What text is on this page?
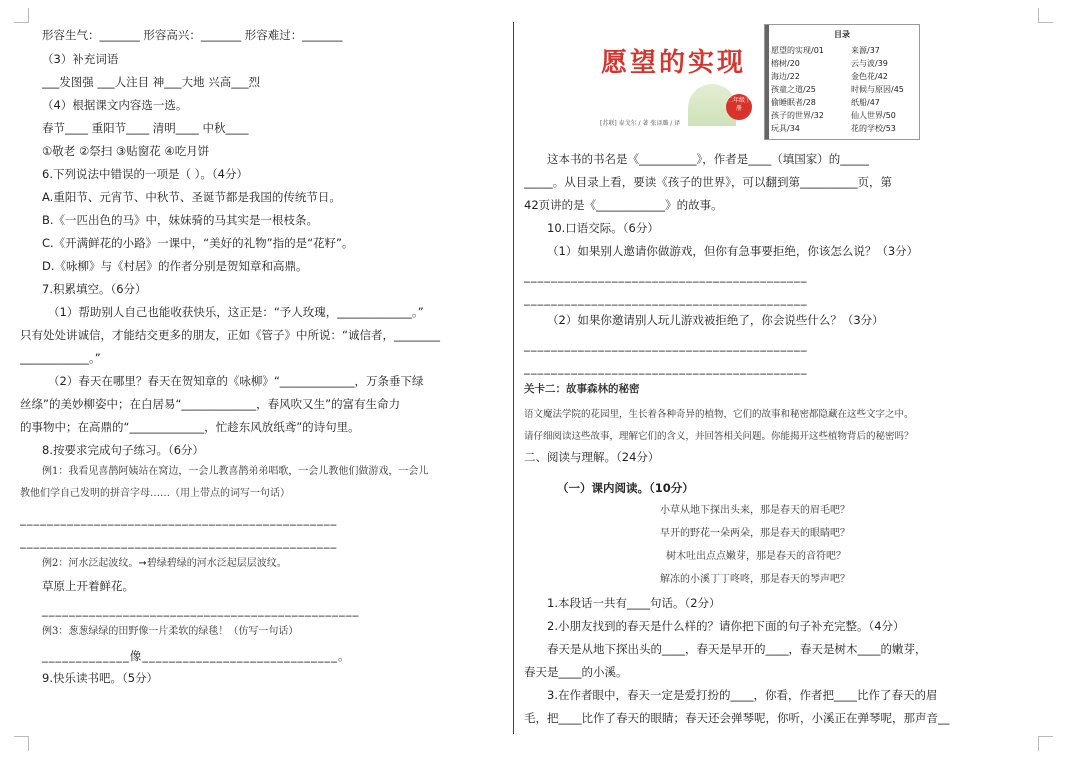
形容生气：_______ 形容高兴：_______ 形容难过：_______
（3）补充词语
___发图强 ___人注目 神___大地 兴高___烈
（4）根据课文内容选一选。
春节____ 重阳节____ 清明____ 中秋____
①敬老 ②祭扫 ③贴窗花 ④吃月饼
6.下列说法中错误的一项是（ ）。（4分）
A.重阳节、元宵节、中秋节、圣诞节都是我国的传统节日。
B.《一匹出色的马》中，妹妹骑的马其实是一根枝条。
C.《开满鲜花的小路》一课中，“美好的礼物”指的是“花籽”。
D.《咏柳》与《村居》的作者分别是贺知章和高鼎。
7.积累填空。（6分）
（1）帮助别人自己也能收获快乐，这正是：“予人玫瑰，_____________。”
只有处处讲诚信，才能结交更多的朋友，正如《管子》中所说：“诚信者，________
____________。”
（2）春天在哪里？春天在贺知章的《咏柳》“_____________，万条垂下绿
丝绦”的美妙柳姿中；在白居易“_____________，春风吹又生”的富有生命力
的事物中；在高鼎的“_____________，忙趁东风放纸鸢”的诗句里。
8.按要求完成句子练习。（6分）
例1：我看见喜鹊阿姨站在窝边，一会儿教喜鹊弟弟唱歌，一会儿教他们做游戏，一会儿
教他们学自己发明的拼音字母……（用上带点的词写一句话）
_______________________________________________
_______________________________________________
例2：河水泛起波纹。➞碧绿碧绿的河水泛起层层波纹。
草原上开着鲜花。
_______________________________________________
例3：葱葱绿绿的田野像一片柔软的绿毯！（仿写一句话）
_____________像_____________________________。
9.快乐读书吧。（5分）
愿望的实现
[苏联] 泰戈尔 / 著 张译璐 / 译
二年级下册
目录
愿望的实现/01
榕树/20
海边/22
孩童之道/25
偷睡眠者/28
孩子的世界/32
玩具/34
来源/37
云与波/39
金色花/42
时候与原因/45
纸船/47
仙人世界/50
花的学校/53
这本书的书名是《__________》，作者是____（填国家）的_____
_____。从目录上看，要读《孩子的世界》，可以翻到第__________页，第
42页讲的是《____________》的故事。
10.口语交际。（6分）
（1）如果别人邀请你做游戏，但你有急事要拒绝，你该怎么说？（3分）
__________________________________________
__________________________________________
（2）如果你邀请别人玩儿游戏被拒绝了，你会说些什么？（3分）
__________________________________________
__________________________________________
关卡二：故事森林的秘密
语文魔法学院的花园里，生长着各种奇异的植物，它们的故事和秘密都隐藏在这些文字之中。
请仔细阅读这些故事，理解它们的含义，并回答相关问题。你能揭开这些植物背后的秘密吗？
二、阅读与理解。（24分）
（一）课内阅读。（10分）
小草从地下探出头来，那是春天的眉毛吧？
早开的野花一朵两朵，那是春天的眼睛吧？
树木吐出点点嫩芽，那是春天的音符吧？
解冻的小溪丁丁咚咚，那是春天的琴声吧？
1.本段话一共有____句话。（2分）
2.小朋友找到的春天是什么样的？请你把下面的句子补充完整。（4分）
春天是从地下探出头的____，春天是早开的____，春天是树木____的嫩芽，
春天是____的小溪。
3.在作者眼中，春天一定是爱打扮的____，你看，作者把____比作了春天的眉
毛，把____比作了春天的眼睛；春天还会弹琴呢，你听，小溪正在弹琴呢，那声音__
